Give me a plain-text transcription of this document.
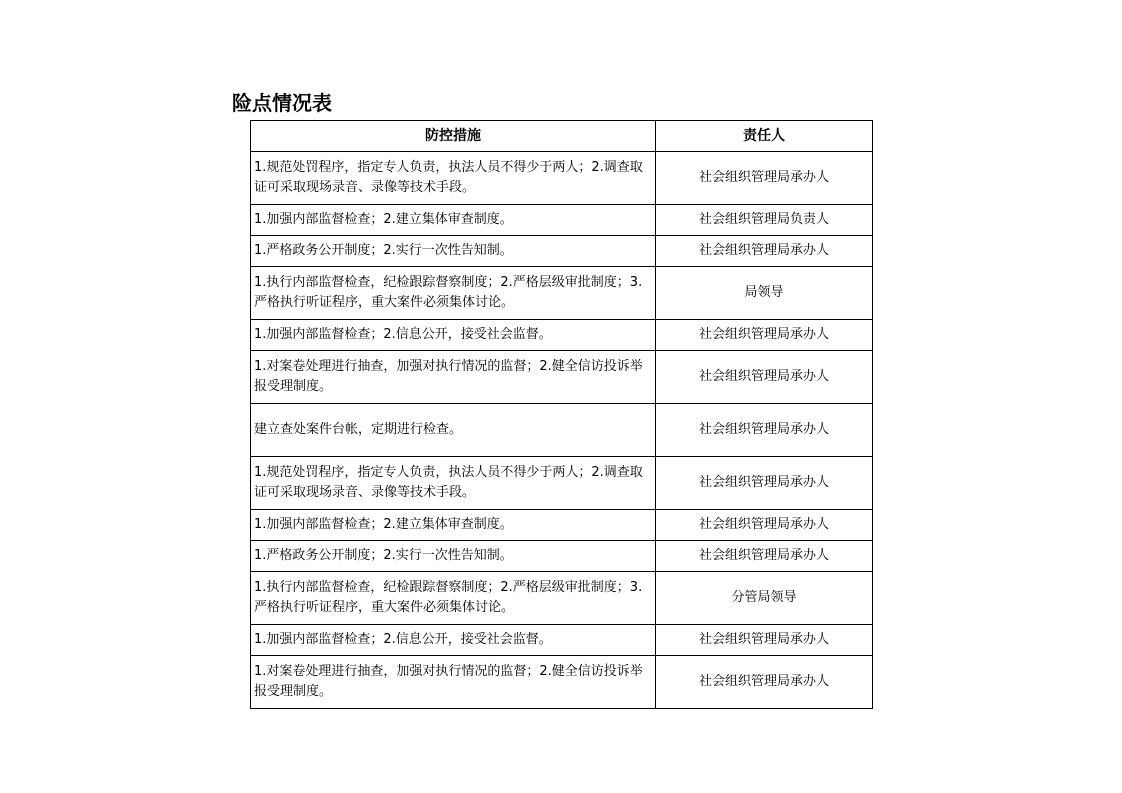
险点情况表
防控措施	责任人
1.规范处罚程序，指定专人负责，执法人员不得少于两人；2.调查取证可采取现场录音、录像等技术手段。	社会组织管理局承办人
1.加强内部监督检查；2.建立集体审查制度。	社会组织管理局负责人
1.严格政务公开制度；2.实行一次性告知制。	社会组织管理局承办人
1.执行内部监督检查，纪检跟踪督察制度；2.严格层级审批制度；3.严格执行听证程序，重大案件必须集体讨论。	局领导
1.加强内部监督检查；2.信息公开，接受社会监督。	社会组织管理局承办人
1.对案卷处理进行抽查，加强对执行情况的监督；2.健全信访投诉举报受理制度。	社会组织管理局承办人
建立查处案件台帐，定期进行检查。	社会组织管理局承办人
1.规范处罚程序，指定专人负责，执法人员不得少于两人；2.调查取证可采取现场录音、录像等技术手段。	社会组织管理局承办人
1.加强内部监督检查；2.建立集体审查制度。	社会组织管理局承办人
1.严格政务公开制度；2.实行一次性告知制。	社会组织管理局承办人
1.执行内部监督检查，纪检跟踪督察制度；2.严格层级审批制度；3.严格执行听证程序，重大案件必须集体讨论。	分管局领导
1.加强内部监督检查；2.信息公开，接受社会监督。	社会组织管理局承办人
1.对案卷处理进行抽查，加强对执行情况的监督；2.健全信访投诉举报受理制度。	社会组织管理局承办人
